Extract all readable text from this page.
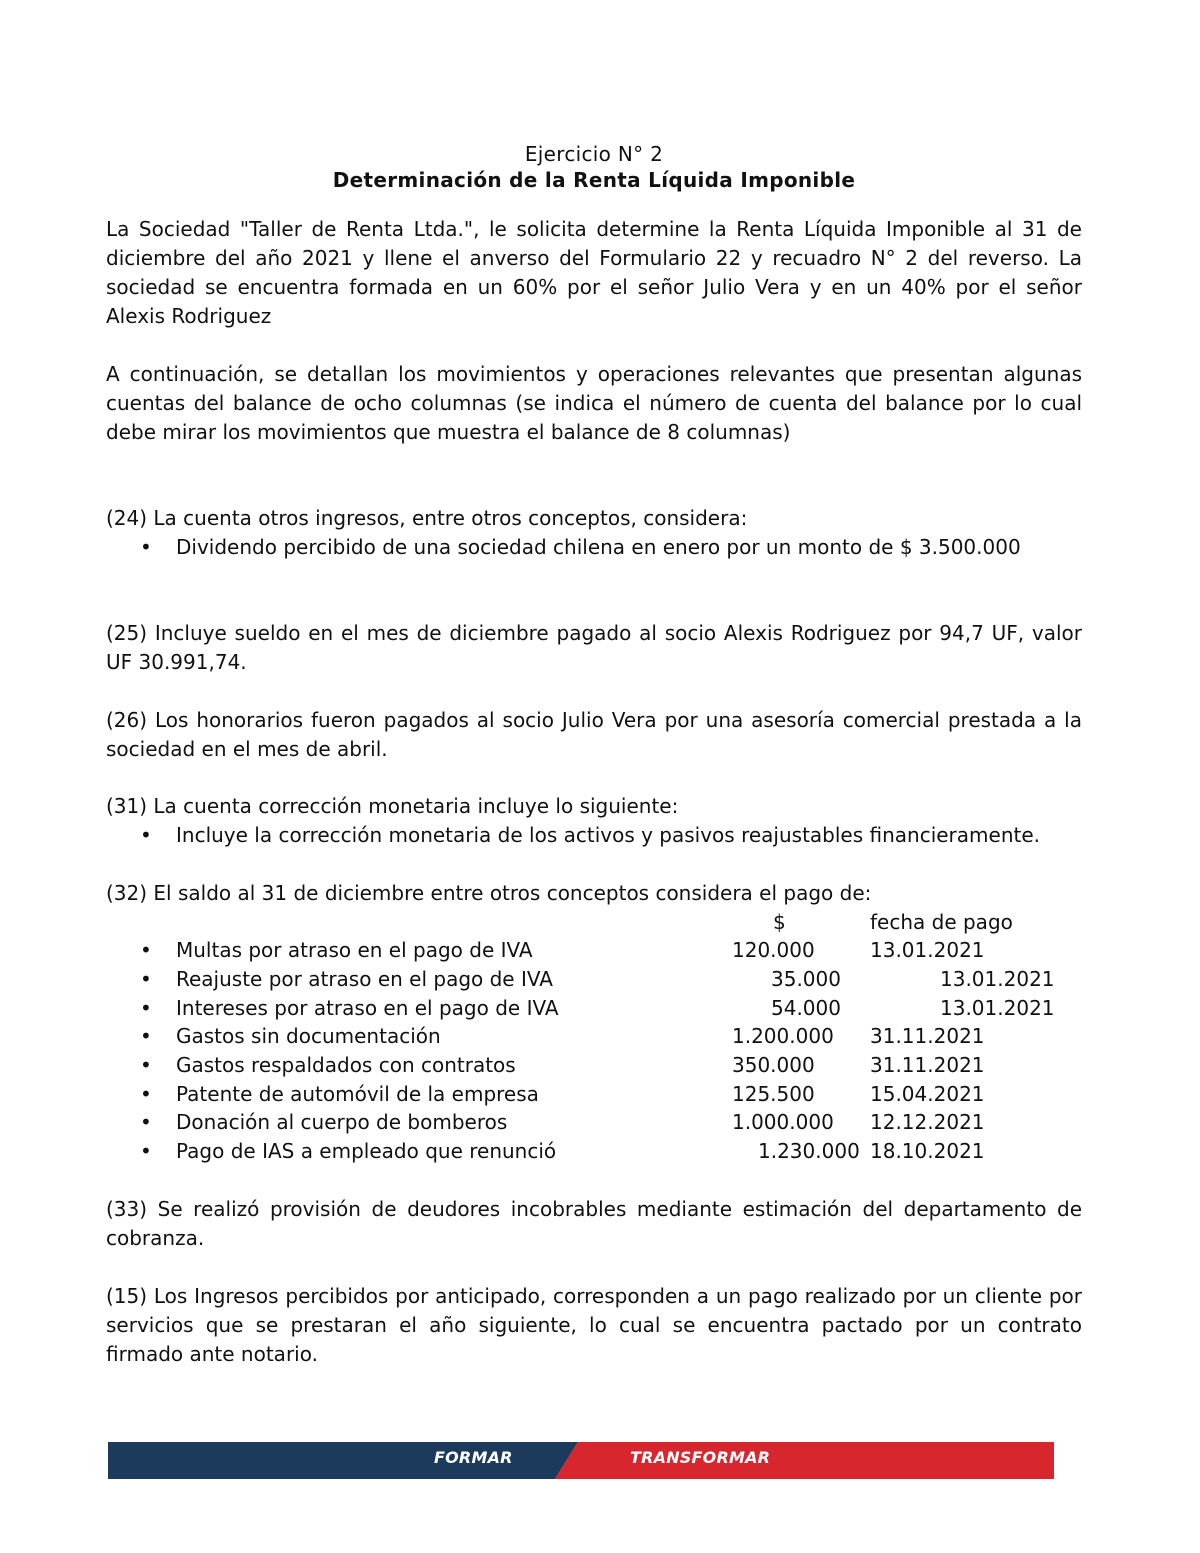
Ejercicio N° 2
Determinación de la Renta Líquida Imponible

La Sociedad "Taller de Renta Ltda.", le solicita determine la Renta Líquida Imponible al 31 de diciembre del año 2021 y llene el anverso del Formulario 22 y recuadro N° 2 del reverso. La sociedad se encuentra formada en un 60% por el señor Julio Vera y en un 40% por el señor Alexis Rodriguez

A continuación, se detallan los movimientos y operaciones relevantes que presentan algunas cuentas del balance de ocho columnas (se indica el número de cuenta del balance por lo cual debe mirar los movimientos que muestra el balance de 8 columnas)

(24) La cuenta otros ingresos, entre otros conceptos, considera:

• Dividendo percibido de una sociedad chilena en enero por un monto de $ 3.500.000

(25) Incluye sueldo en el mes de diciembre pagado al socio Alexis Rodriguez por 94,7 UF, valor UF 30.991,74.

(26) Los honorarios fueron pagados al socio Julio Vera por una asesoría comercial prestada a la sociedad en el mes de abril.

(31) La cuenta corrección monetaria incluye lo siguiente:

• Incluye la corrección monetaria de los activos y pasivos reajustables financieramente.

(32) El saldo al 31 de diciembre entre otros conceptos considera el pago de:

$	fecha de pago
• Multas por atraso en el pago de IVA	120.000	13.01.2021
• Reajuste por atraso en el pago de IVA	35.000	13.01.2021
• Intereses por atraso en el pago de IVA	54.000	13.01.2021
• Gastos sin documentación	1.200.000 31.11.2021
• Gastos respaldados con contratos	350.000	31.11.2021
• Patente de automóvil de la empresa	125.500	15.04.2021
• Donación al cuerpo de bomberos	1.000.000 12.12.2021
• Pago de IAS a empleado que renunció	1.230.000 18.10.2021

(33) Se realizó provisión de deudores incobrables mediante estimación del departamento de cobranza.

(15) Los Ingresos percibidos por anticipado, corresponden a un pago realizado por un cliente por servicios que se prestaran el año siguiente, lo cual se encuentra pactado por un contrato firmado ante notario.

FORMAR	TRANSFORMAR
